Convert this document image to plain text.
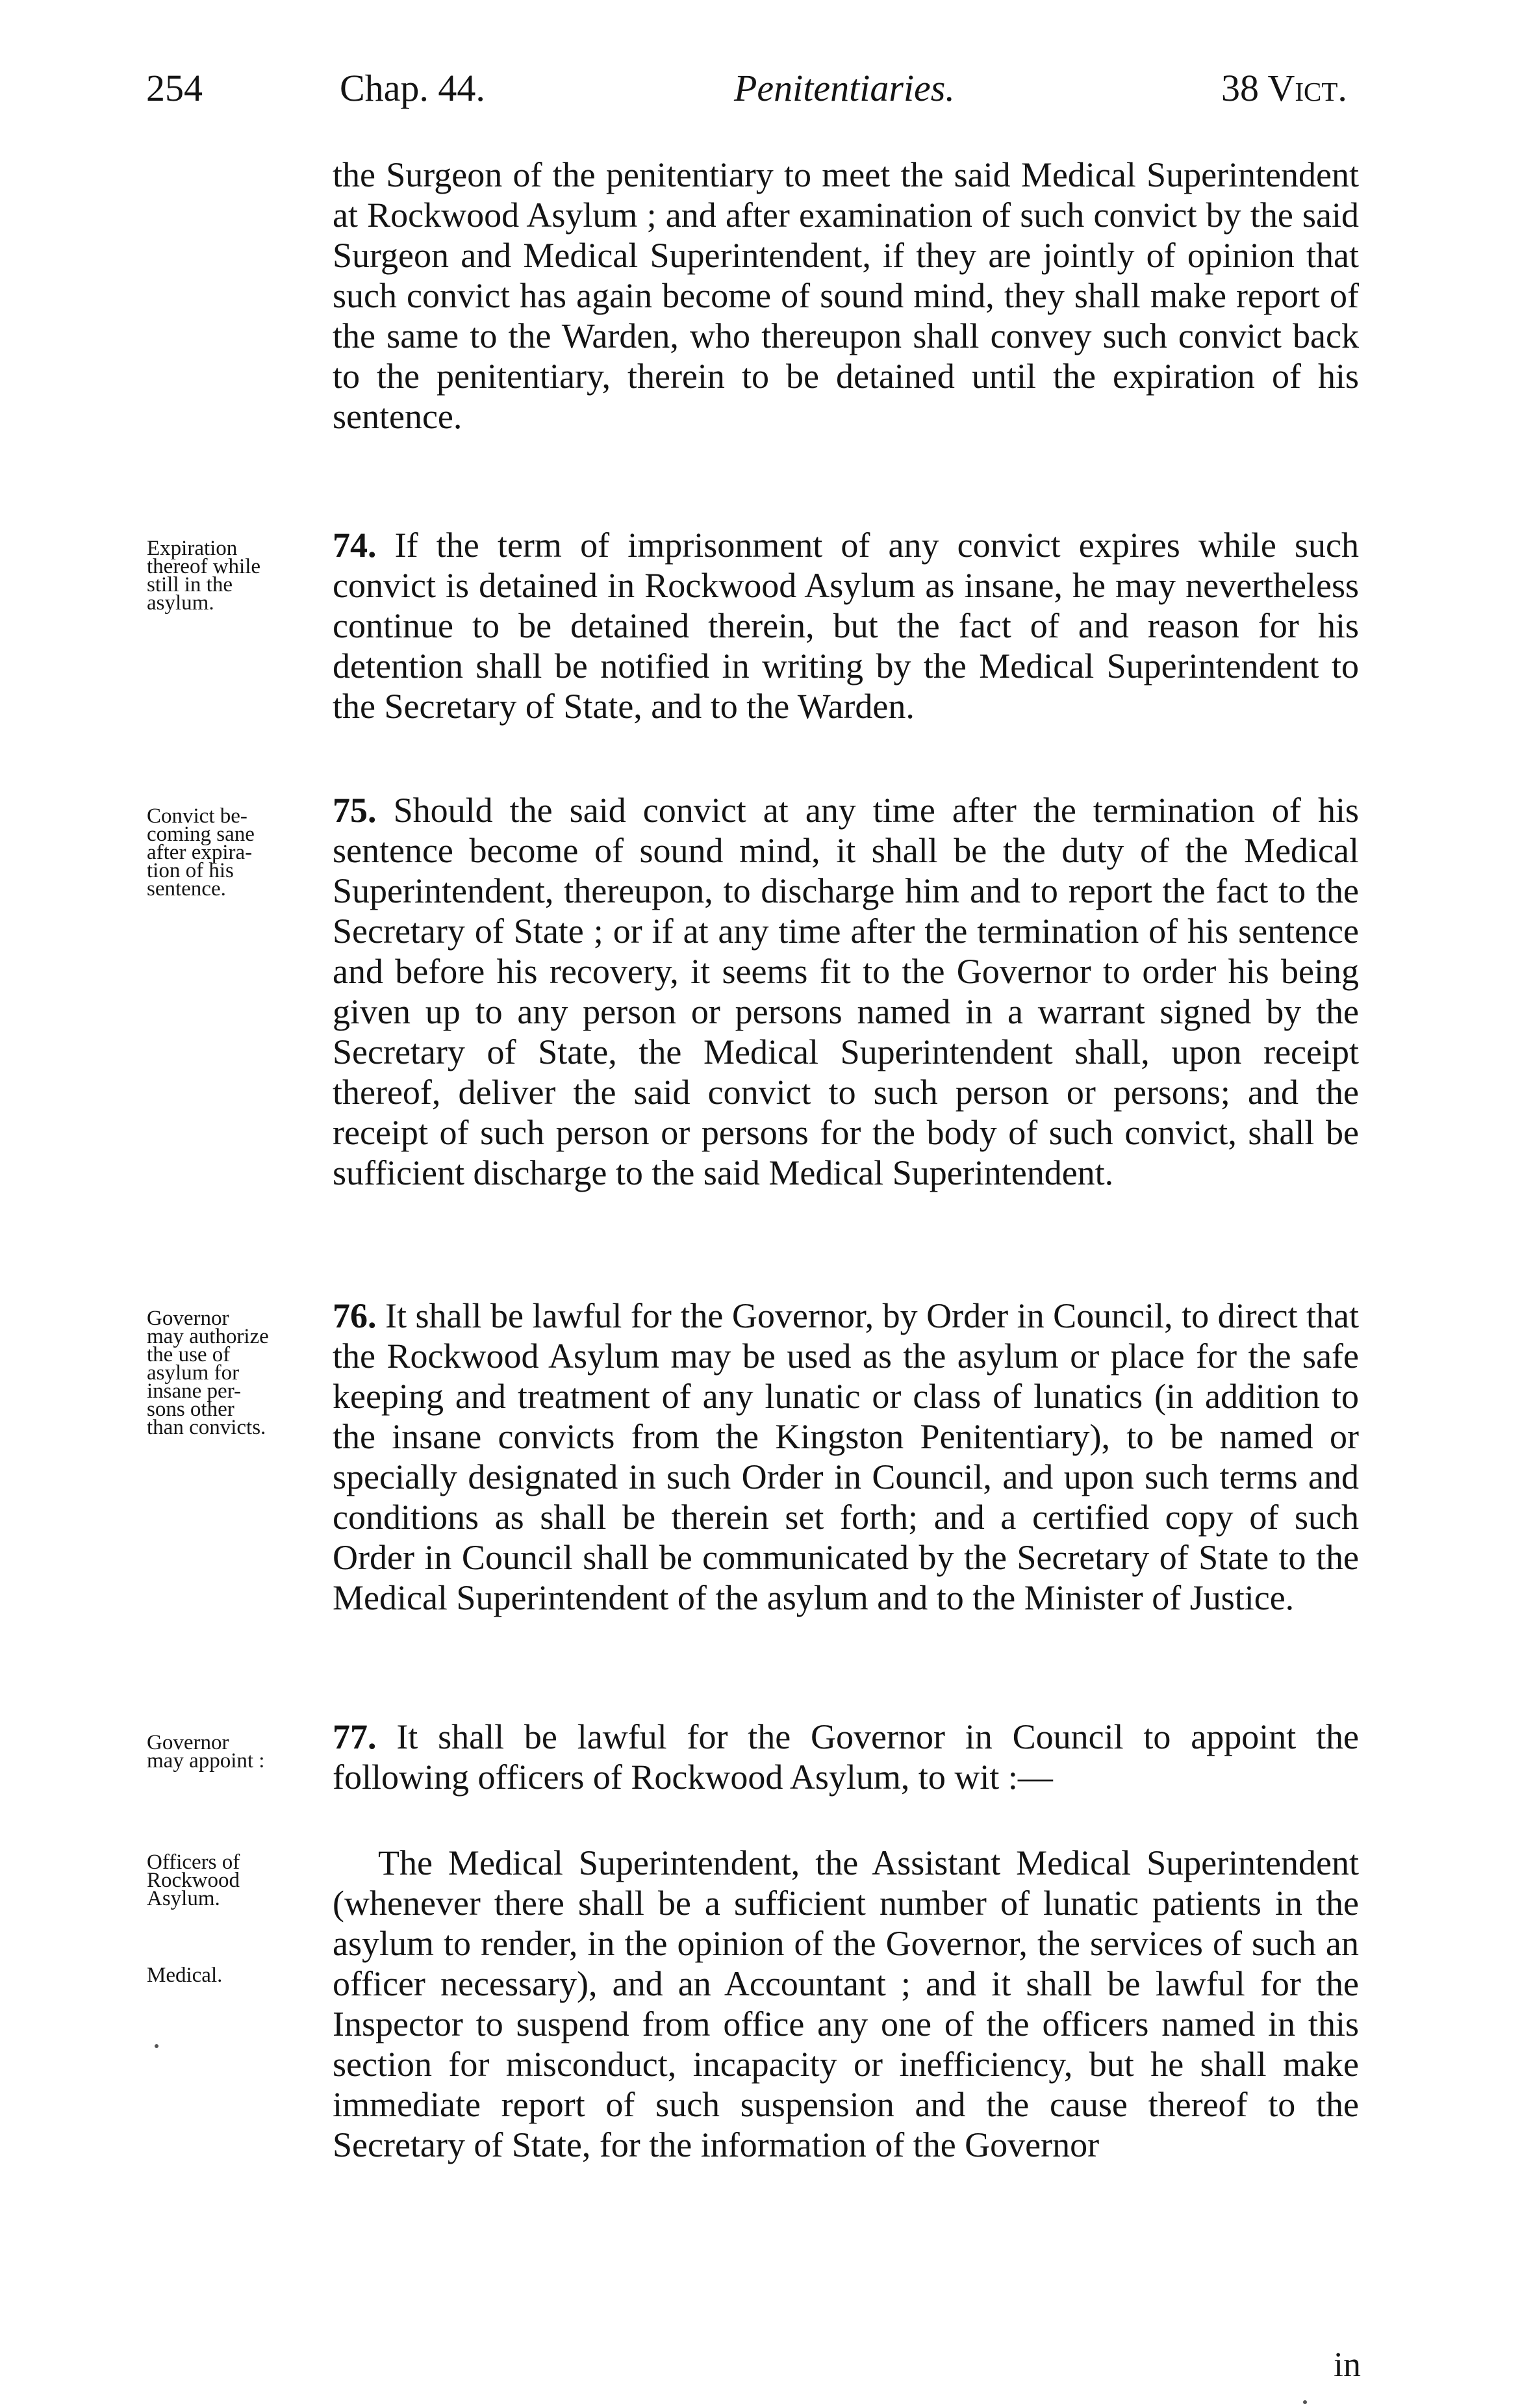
254	Chap. 44.	Penitentiaries.	38 Vict.

the Surgeon of the penitentiary to meet the said Medical Superintendent at Rockwood Asylum ; and after examination of such convict by the said Surgeon and Medical Superintendent, if they are jointly of opinion that such convict has again become of sound mind, they shall make report of the same to the Warden, who thereupon shall convey such convict back to the penitentiary, therein to be detained until the expiration of his sentence.

74. If the term of imprisonment of any convict expires while such convict is detained in Rockwood Asylum as insane, he may nevertheless continue to be detained therein, but the fact of and reason for his detention shall be notified in writing by the Medical Superintendent to the Secretary of State, and to the Warden.

75. Should the said convict at any time after the termination of his sentence become of sound mind, it shall be the duty of the Medical Superintendent, thereupon, to discharge him and to report the fact to the Secretary of State ; or if at any time after the termination of his sentence and before his recovery, it seems fit to the Governor to order his being given up to any person or persons named in a warrant signed by the Secretary of State, the Medical Superintendent shall, upon receipt thereof, deliver the said convict to such person or persons; and the receipt of such person or persons for the body of such convict, shall be sufficient discharge to the said Medical Superintendent.

76. It shall be lawful for the Governor, by Order in Council, to direct that the Rockwood Asylum may be used as the asylum or place for the safe keeping and treatment of any lunatic or class of lunatics (in addition to the insane convicts from the Kingston Penitentiary), to be named or specially designated in such Order in Council, and upon such terms and conditions as shall be therein set forth; and a certified copy of such Order in Council shall be communicated by the Secretary of State to the Medical Superintendent of the asylum and to the Minister of Justice.

77. It shall be lawful for the Governor in Council to appoint the following officers of Rockwood Asylum, to wit :—

The Medical Superintendent, the Assistant Medical Superintendent (whenever there shall be a sufficient number of lunatic patients in the asylum to render, in the opinion of the Governor, the services of such an officer necessary), and an Accountant ; and it shall be lawful for the Inspector to suspend from office any one of the officers named in this section for misconduct, incapacity or inefficiency, but he shall make immediate report of such suspension and the cause thereof to the Secretary of State, for the information of the Governor

in
Expiration
thereof while
still in the
asylum.
Convict be-
coming sane
after expira-
tion of his
sentence.
Governor
may authorize
the use of
asylum for
insane per-
sons other
than convicts.
Governor
may appoint :
Officers of
Rockwood
Asylum.
Medical.
